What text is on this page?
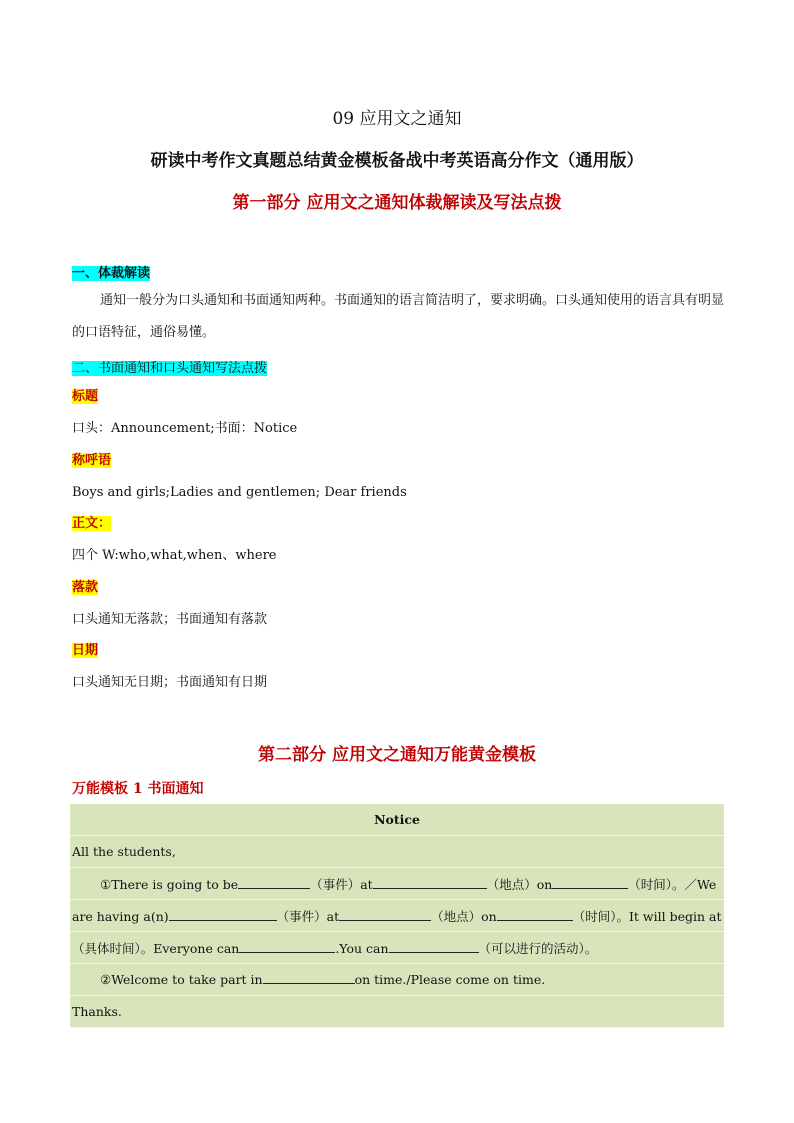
09 应用文之通知
研读中考作文真题总结黄金模板备战中考英语高分作文（通用版）
第一部分 应用文之通知体裁解读及写法点拨
一、体裁解读
通知一般分为口头通知和书面通知两种。书面通知的语言简洁明了，要求明确。口头通知使用的语言具有明显的口语特征，通俗易懂。
二、书面通知和口头通知写法点拨
标题
口头：Announcement;书面：Notice
称呼语
Boys and girls;Ladies and gentlemen; Dear friends
正文：
四个 W:who,what,when、where
落款
口头通知无落款；书面通知有落款
日期
口头通知无日期；书面通知有日期
第二部分 应用文之通知万能黄金模板
万能模板 1 书面通知
Notice
All the students,
①There is going to be	（事件）at	（地点）on	（时间）。／We
are having a(n)	（事件）at	（地点）on	（时间）。It will begin at
（具体时间）。Everyone can	.You can	（可以进行的活动）。
②Welcome to take part in	on time./Please come on time.
Thanks.
